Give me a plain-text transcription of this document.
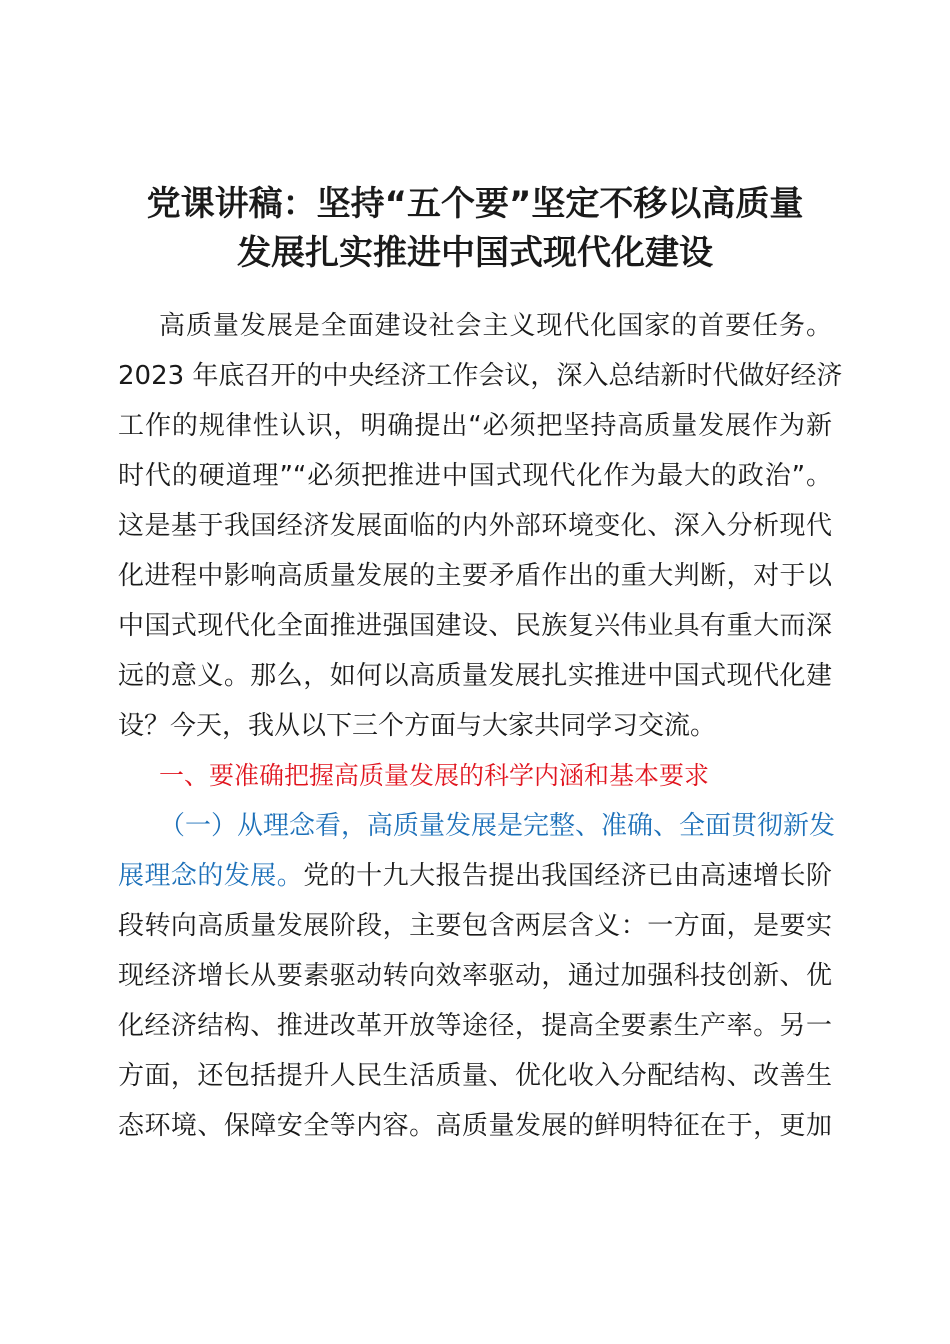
党课讲稿：坚持“五个要”坚定不移以高质量
发展扎实推进中国式现代化建设
高质量发展是全面建设社会主义现代化国家的首要任务。
2023 年底召开的中央经济工作会议，深入总结新时代做好经济
工作的规律性认识，明确提出“必须把坚持高质量发展作为新
时代的硬道理”“必须把推进中国式现代化作为最大的政治”。
这是基于我国经济发展面临的内外部环境变化、深入分析现代
化进程中影响高质量发展的主要矛盾作出的重大判断，对于以
中国式现代化全面推进强国建设、民族复兴伟业具有重大而深
远的意义。那么，如何以高质量发展扎实推进中国式现代化建
设？今天，我从以下三个方面与大家共同学习交流。
一、要准确把握高质量发展的科学内涵和基本要求
（一）从理念看，高质量发展是完整、准确、全面贯彻新发
展理念的发展。党的十九大报告提出我国经济已由高速增长阶
段转向高质量发展阶段，主要包含两层含义：一方面，是要实
现经济增长从要素驱动转向效率驱动，通过加强科技创新、优
化经济结构、推进改革开放等途径，提高全要素生产率。另一
方面，还包括提升人民生活质量、优化收入分配结构、改善生
态环境、保障安全等内容。高质量发展的鲜明特征在于，更加
